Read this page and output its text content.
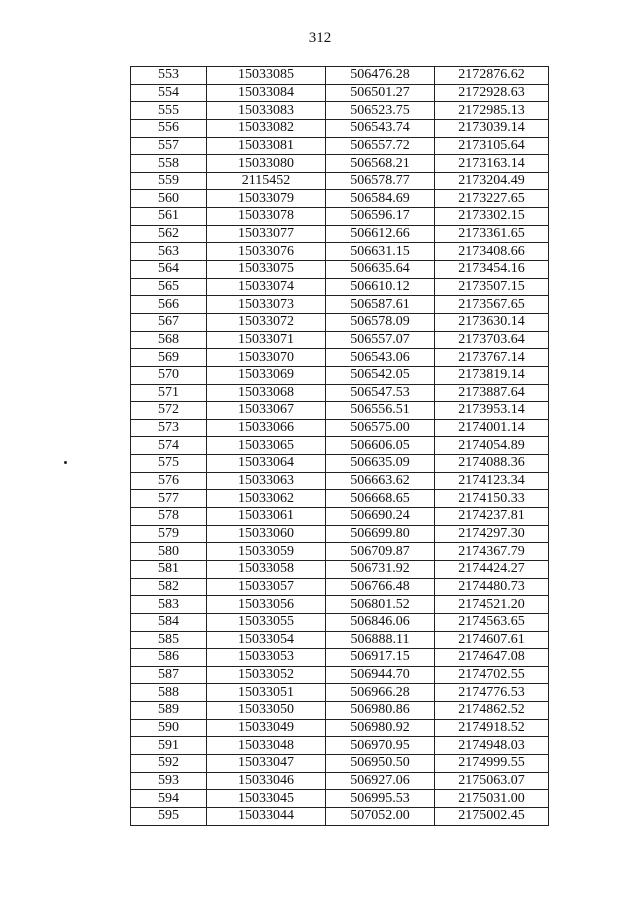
312
553	15033085	506476.28	2172876.62
554	15033084	506501.27	2172928.63
555	15033083	506523.75	2172985.13
556	15033082	506543.74	2173039.14
557	15033081	506557.72	2173105.64
558	15033080	506568.21	2173163.14
559	2115452	506578.77	2173204.49
560	15033079	506584.69	2173227.65
561	15033078	506596.17	2173302.15
562	15033077	506612.66	2173361.65
563	15033076	506631.15	2173408.66
564	15033075	506635.64	2173454.16
565	15033074	506610.12	2173507.15
566	15033073	506587.61	2173567.65
567	15033072	506578.09	2173630.14
568	15033071	506557.07	2173703.64
569	15033070	506543.06	2173767.14
570	15033069	506542.05	2173819.14
571	15033068	506547.53	2173887.64
572	15033067	506556.51	2173953.14
573	15033066	506575.00	2174001.14
574	15033065	506606.05	2174054.89
575	15033064	506635.09	2174088.36
576	15033063	506663.62	2174123.34
577	15033062	506668.65	2174150.33
578	15033061	506690.24	2174237.81
579	15033060	506699.80	2174297.30
580	15033059	506709.87	2174367.79
581	15033058	506731.92	2174424.27
582	15033057	506766.48	2174480.73
583	15033056	506801.52	2174521.20
584	15033055	506846.06	2174563.65
585	15033054	506888.11	2174607.61
586	15033053	506917.15	2174647.08
587	15033052	506944.70	2174702.55
588	15033051	506966.28	2174776.53
589	15033050	506980.86	2174862.52
590	15033049	506980.92	2174918.52
591	15033048	506970.95	2174948.03
592	15033047	506950.50	2174999.55
593	15033046	506927.06	2175063.07
594	15033045	506995.53	2175031.00
595	15033044	507052.00	2175002.45
